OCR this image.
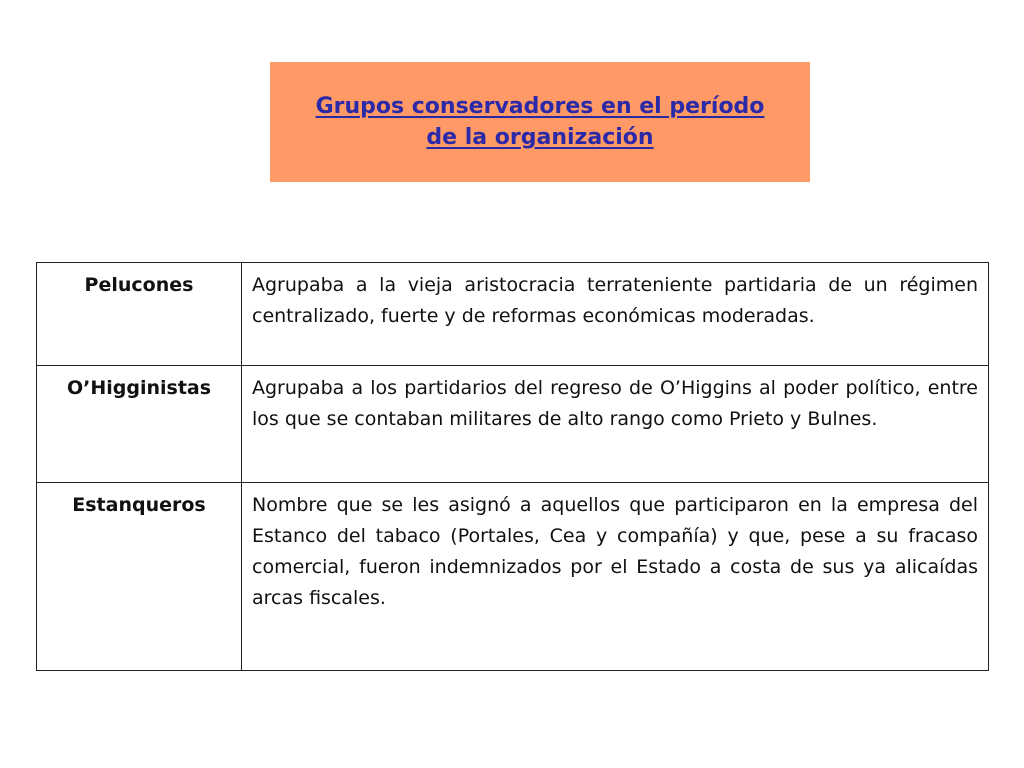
Grupos conservadores en el período
de la organización
Pelucones	Agrupaba a la vieja aristocracia terrateniente partidaria de un régimen centralizado, fuerte y de reformas económicas moderadas.
O’Higginistas	Agrupaba a los partidarios del regreso de O’Higgins al poder político, entre los que se contaban militares de alto rango como Prieto y Bulnes.
Estanqueros	Nombre que se les asignó a aquellos que participaron en la empresa del Estanco del tabaco (Portales, Cea y compañía) y que, pese a su fracaso comercial, fueron indemnizados por el Estado a costa de sus ya alicaídas arcas fiscales.
